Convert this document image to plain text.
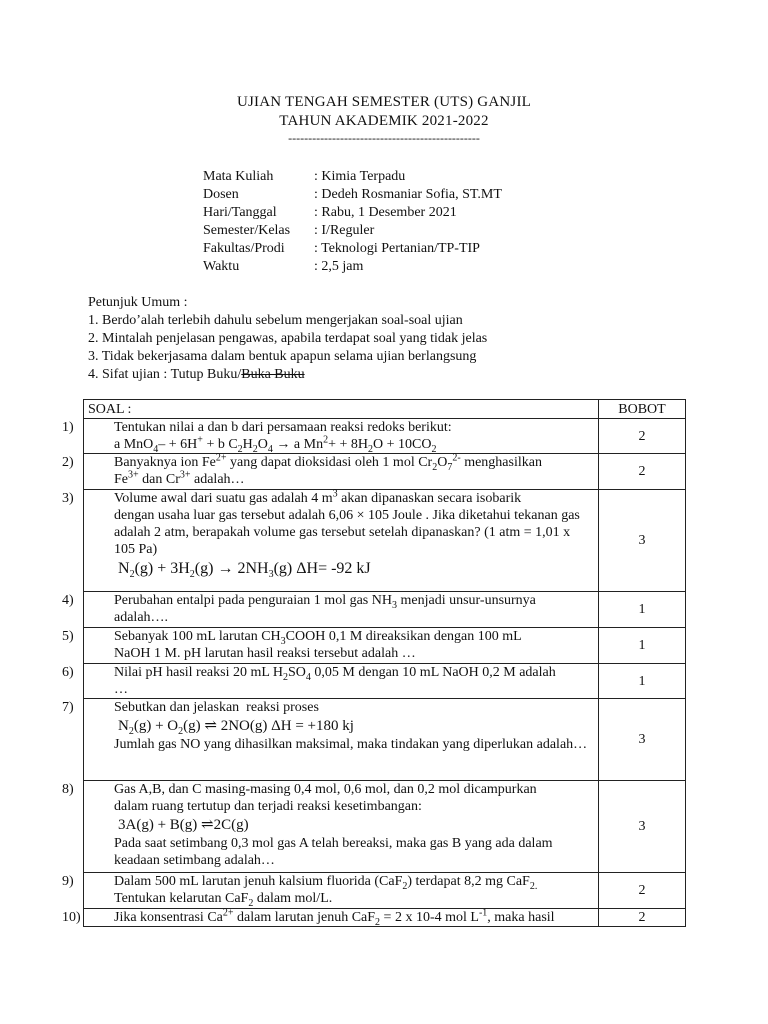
UJIAN TENGAH SEMESTER (UTS) GANJIL
TAHUN AKADEMIK 2021-2022
------------------------------------------------
Mata Kuliah	: Kimia Terpadu
Dosen	: Dedeh Rosmaniar Sofia, ST.MT
Hari/Tanggal	: Rabu, 1 Desember 2021
Semester/Kelas	: I/Reguler
Fakultas/Prodi	: Teknologi Pertanian/TP-TIP
Waktu	: 2,5 jam
Petunjuk Umum :
1. Berdo’alah terlebih dahulu sebelum mengerjakan soal-soal ujian
2. Mintalah penjelasan pengawas, apabila terdapat soal yang tidak jelas
3. Tidak bekerjasama dalam bentuk apapun selama ujian berlangsung
4. Sifat ujian : Tutup Buku/Buka Buku
SOAL :	BOBOT

1) Tentukan nilai a dan b dari persamaan reaksi redoks berikut:
a MnO$_4$– + 6H+ + b $C_2H_2O_4 \to a$ $Mn^2+ + 8H_2O + 10CO_2$	2

2) Banyaknya ion $Fe^{2+}$ yang dapat dioksidasi oleh 1 mol $Cr_2O_7^{2-}$ menghasilkan
$Fe^{3+}$ dan $Cr^{3+}$ adalah…	2

3) Volume awal dari suatu gas adalah 4 $m^3$ akan dipanaskan secara isobarik
dengan usaha luar gas tersebut adalah 6,06 × 105 Joule . Jika diketahui tekanan gas adalah 2 atm, berapakah volume gas tersebut setelah dipanaskan? (1 atm = 1,01 x 105 Pa)
$N_2(g) + 3H_2(g) \to 2NH_3(g)$ ΔH= -92 kJ	3

4) Perubahan entalpi pada penguraian 1 mol gas $NH_3$ menjadi unsur-unsurnya
adalah….	1

5) Sebanyak 100 mL larutan $CH_3COOH$ 0,1 M direaksikan dengan 100 mL
NaOH 1 M. pH larutan hasil reaksi tersebut adalah …	1

6) Nilai pH hasil reaksi 20 mL $H_2SO_4$ 0,05 M dengan 10 mL NaOH 0,2 M adalah
…	1

7) Sebutkan dan jelaskan  reaksi proses
$N_2(g) + O_2(g)$ ⇌ 2NO(g) ΔH = +180 kj
Jumlah gas NO yang dihasilkan maksimal, maka tindakan yang diperlukan adalah…	3

8) Gas A,B, dan C masing-masing 0,4 mol, 0,6 mol, dan 0,2 mol dicampurkan
dalam ruang tertutup dan terjadi reaksi kesetimbangan:
3A(g) + B(g) ⇌2C(g)
Pada saat setimbang 0,3 mol gas A telah bereaksi, maka gas B yang ada dalam keadaan setimbang adalah…	3

9) Dalam 500 mL larutan jenuh kalsium fluorida (CaF$_2$) terdapat 8,2 mg CaF$_{2.}$
Tentukan kelarutan CaF$_2$ dalam mol/L.	2

10) Jika konsentrasi $Ca^{2+}$ dalam larutan jenuh CaF$_2$ = 2 x 10-4 mol $L^{-1}$, maka hasil	2
